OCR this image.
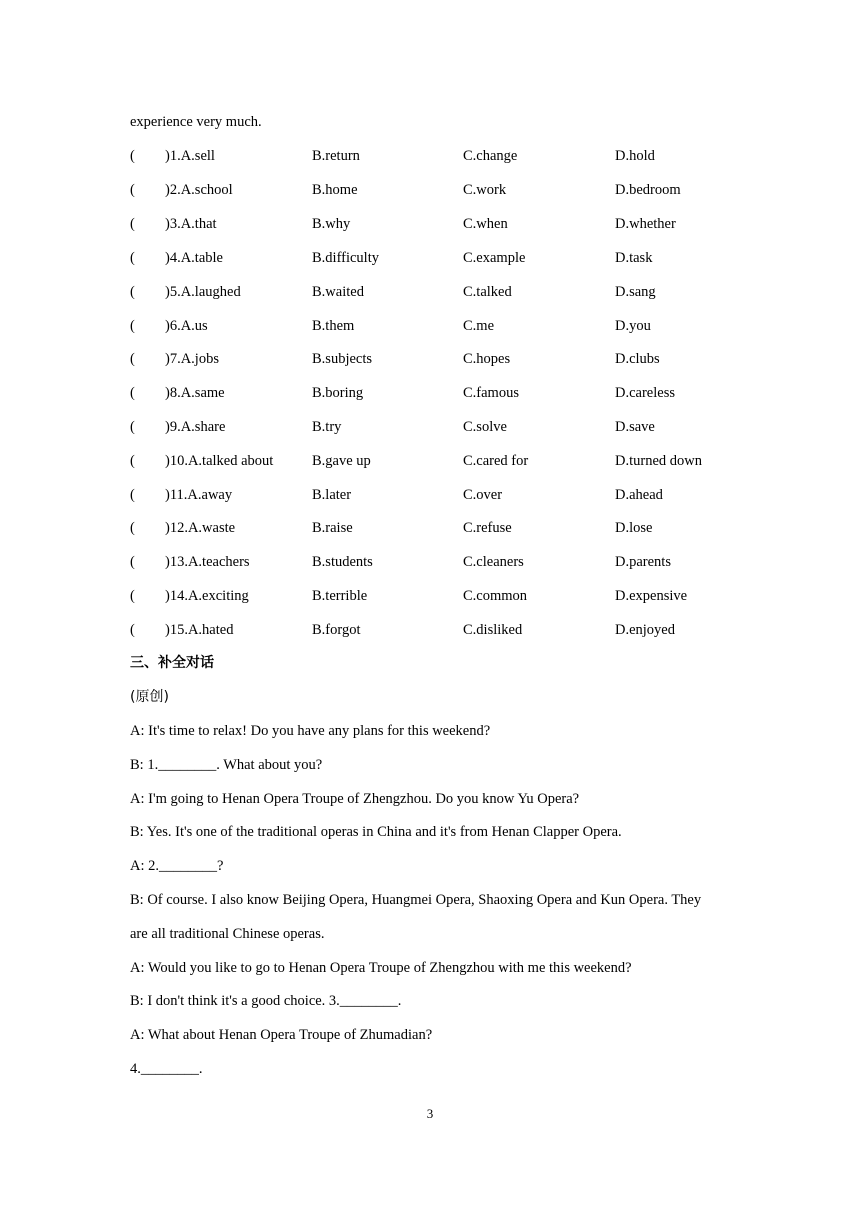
experience very much.
( )1.A.sell	B.return	C.change	D.hold
( )2.A.school	B.home	C.work	D.bedroom
( )3.A.that	B.why	C.when	D.whether
( )4.A.table	B.difficulty	C.example	D.task
( )5.A.laughed	B.waited	C.talked	D.sang
( )6.A.us	B.them	C.me	D.you
( )7.A.jobs	B.subjects	C.hopes	D.clubs
( )8.A.same	B.boring	C.famous	D.careless
( )9.A.share	B.try	C.solve	D.save
( )10.A.talked about	B.gave up	C.cared for	D.turned down
( )11.A.away	B.later	C.over	D.ahead
( )12.A.waste	B.raise	C.refuse	D.lose
( )13.A.teachers	B.students	C.cleaners	D.parents
( )14.A.exciting	B.terrible	C.common	D.expensive
( )15.A.hated	B.forgot	C.disliked	D.enjoyed
三、补全对话
(原创)
A: It's time to relax! Do you have any plans for this weekend?
B: 1.________. What about you?
A: I'm going to Henan Opera Troupe of Zhengzhou. Do you know Yu Opera?
B: Yes. It's one of the traditional operas in China and it's from Henan Clapper Opera.
A: 2.________?
B: Of course. I also know Beijing Opera, Huangmei Opera, Shaoxing Opera and Kun Opera. They
are all traditional Chinese operas.
A: Would you like to go to Henan Opera Troupe of Zhengzhou with me this weekend?
B: I don't think it's a good choice. 3.________.
A: What about Henan Opera Troupe of Zhumadian?
4.________.
3
